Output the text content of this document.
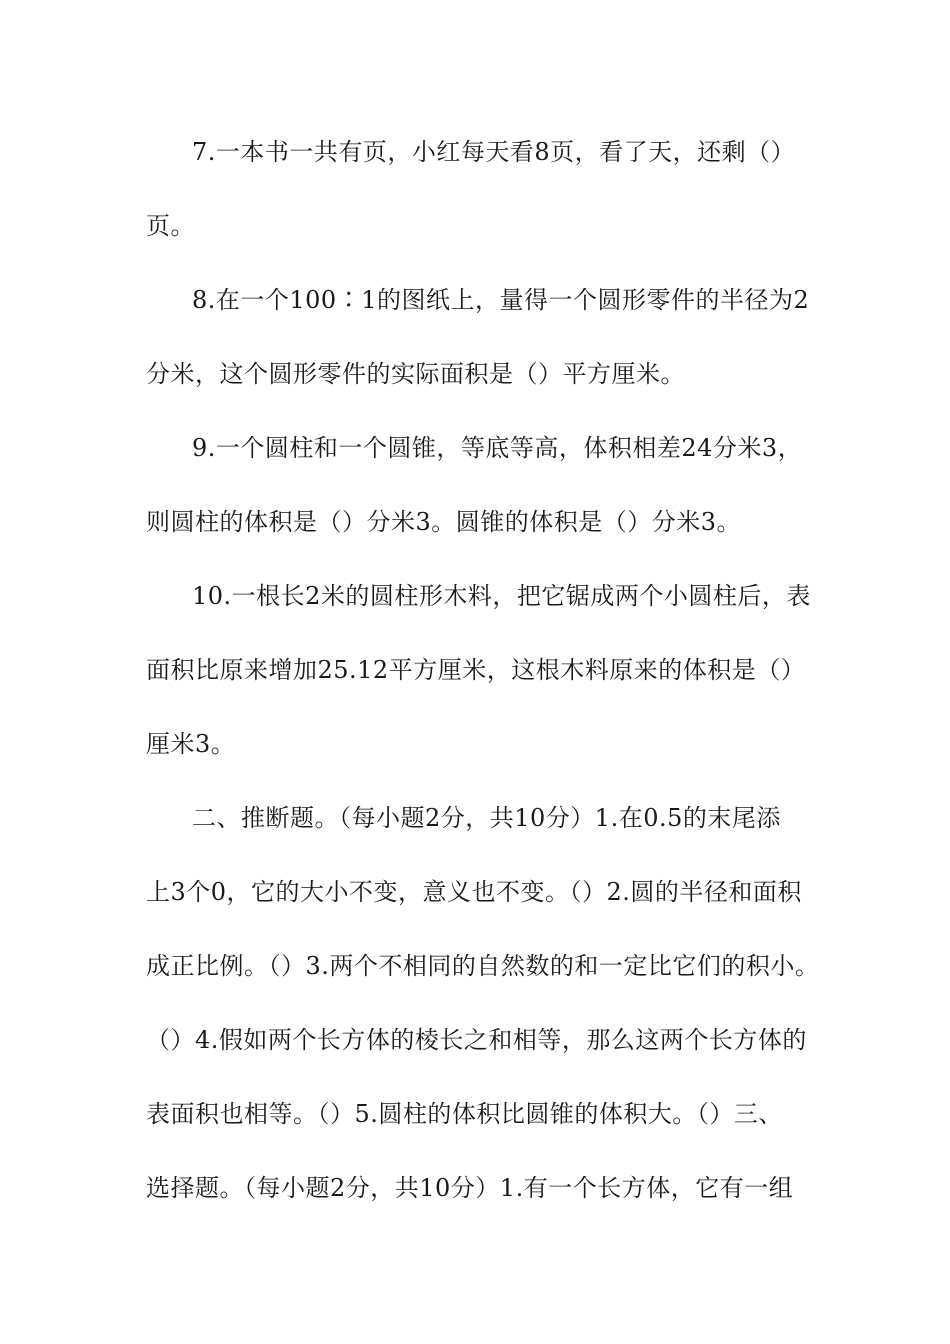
7.一本书一共有页，小红每天看8页，看了天，还剩（）
页。
8.在一个100∶1的图纸上，量得一个圆形零件的半径为2
分米，这个圆形零件的实际面积是（）平方厘米。
9.一个圆柱和一个圆锥，等底等高，体积相差24分米3，
则圆柱的体积是（）分米3。圆锥的体积是（）分米3。
10.一根长2米的圆柱形木料，把它锯成两个小圆柱后，表
面积比原来增加25.12平方厘米，这根木料原来的体积是（）
厘米3。
二、推断题。（每小题2分，共10分）1.在0.5的末尾添
上3个0，它的大小不变，意义也不变。（）2.圆的半径和面积
成正比例。（）3.两个不相同的自然数的和一定比它们的积小。
（）4.假如两个长方体的棱长之和相等，那么这两个长方体的
表面积也相等。（）5.圆柱的体积比圆锥的体积大。（）三、
选择题。（每小题2分，共10分）1.有一个长方体，它有一组
